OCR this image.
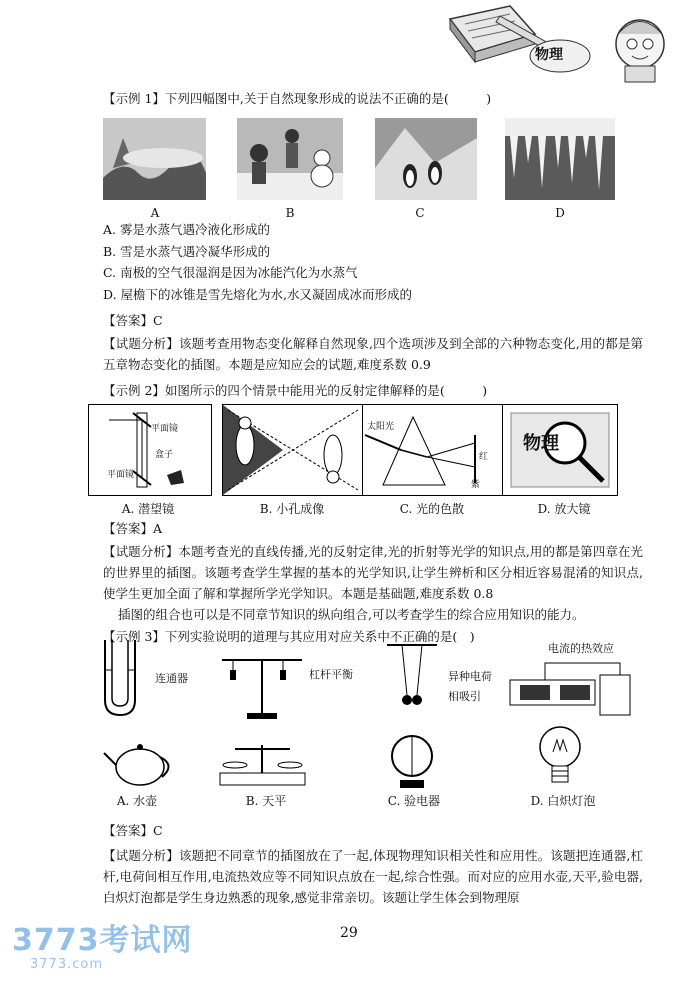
物理
【示例 1】下列四幅图中,关于自然现象形成的说法不正确的是(　　　)
A	B	C	D
A. 雾是水蒸气遇冷液化形成的
B. 雪是水蒸气遇冷凝华形成的
C. 南极的空气很湿润是因为冰能汽化为水蒸气
D. 屋檐下的冰锥是雪先熔化为水,水又凝固成冰而形成的
【答案】C
【试题分析】该题考查用物态变化解释自然现象,四个选项涉及到全部的六种物态变化,用的都是第五章物态变化的插图。本题是应知应会的试题,难度系数 0.9
【示例 2】如图所示的四个情景中能用光的反射定律解释的是(　　　)
平面镜
盒子
平面镜
太阳光
红
紫
物理
A. 潜望镜	B. 小孔成像	C. 光的色散	D. 放大镜
【答案】A
【试题分析】本题考查光的直线传播,光的反射定律,光的折射等光学的知识点,用的都是第四章在光的世界里的插图。该题考查学生掌握的基本的光学知识,让学生辨析和区分相近容易混淆的知识点,使学生更加全面了解和掌握所学光学知识。本题是基础题,难度系数 0.8
插图的组合也可以是不同章节知识的纵向组合,可以考查学生的综合应用知识的能力。
【示例 3】下列实验说明的道理与其应用对应关系中不正确的是(　)
连通器	杠杆平衡	异种电荷
相吸引
电流的热效应
A. 水壶	B. 天平	C. 验电器	D. 白炽灯泡
【答案】C
【试题分析】该题把不同章节的插图放在了一起,体现物理知识相关性和应用性。该题把连通器,杠杆,电荷间相互作用,电流热效应等不同知识点放在一起,综合性强。而对应的应用水壶,天平,验电器,白炽灯泡都是学生身边熟悉的现象,感觉非常亲切。该题让学生体会到物理原
29
3773考试网
3773.com
